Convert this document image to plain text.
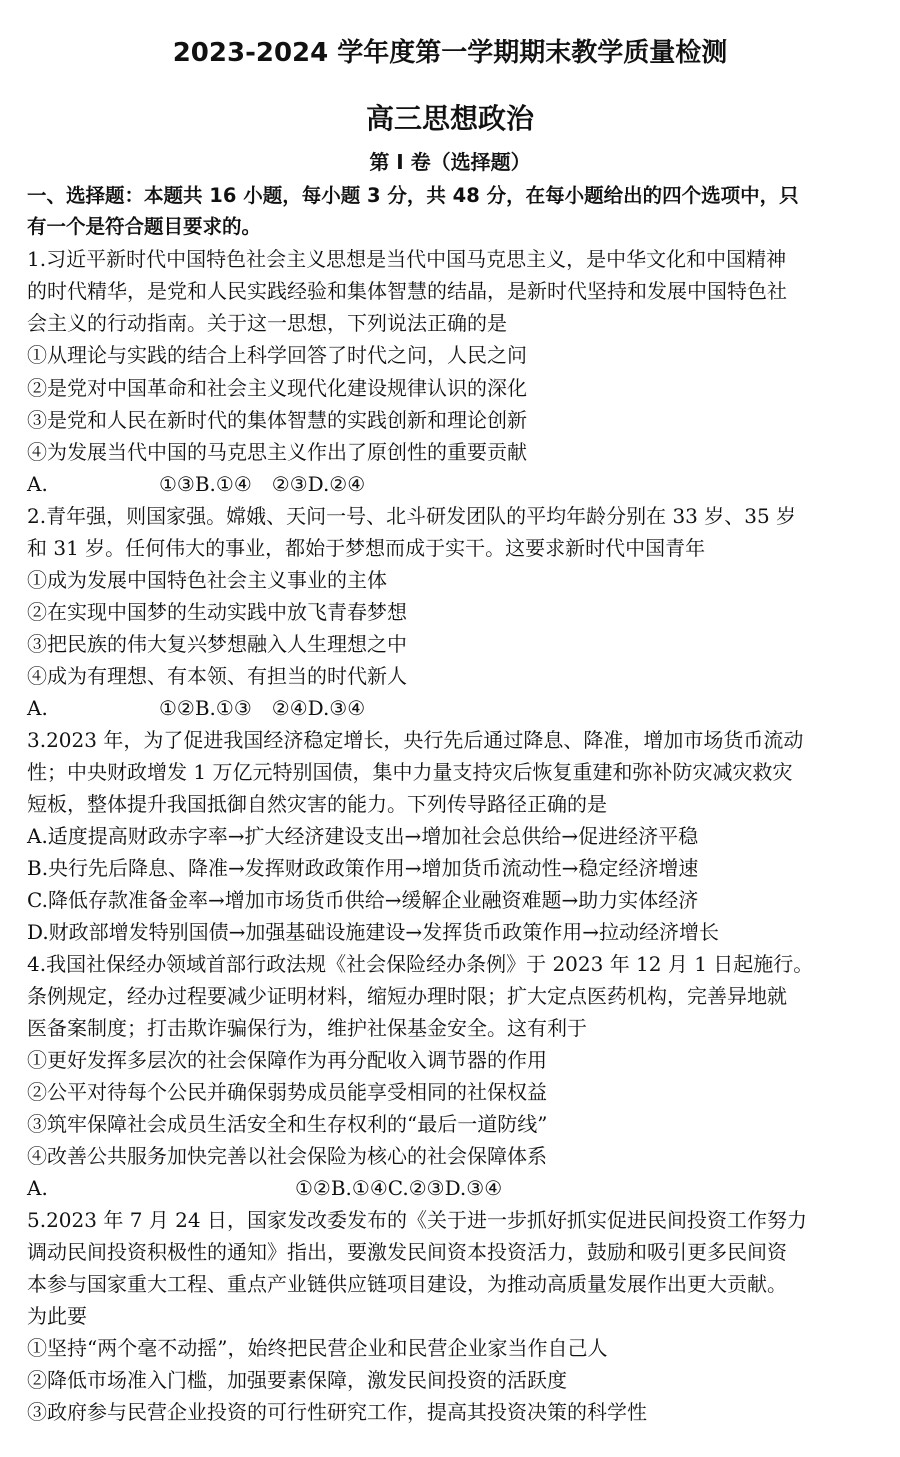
2023-2024 学年度第一学期期末教学质量检测
高三思想政治
第 I 卷（选择题）
一、选择题：本题共 16 小题，每小题 3 分，共 48 分，在每小题给出的四个选项中，只
有一个是符合题目要求的。
1.习近平新时代中国特色社会主义思想是当代中国马克思主义，是中华文化和中国精神
的时代精华，是党和人民实践经验和集体智慧的结晶，是新时代坚持和发展中国特色社
会主义的行动指南。关于这一思想，下列说法正确的是
①从理论与实践的结合上科学回答了时代之问，人民之问
②是党对中国革命和社会主义现代化建设规律认识的深化
③是党和人民在新时代的集体智慧的实践创新和理论创新
④为发展当代中国的马克思主义作出了原创性的重要贡献
A.	①③B.①④　②③D.②④
2.青年强，则国家强。嫦娥、天问一号、北斗研发团队的平均年龄分别在 33 岁、35 岁
和 31 岁。任何伟大的事业，都始于梦想而成于实干。这要求新时代中国青年
①成为发展中国特色社会主义事业的主体
②在实现中国梦的生动实践中放飞青春梦想
③把民族的伟大复兴梦想融入人生理想之中
④成为有理想、有本领、有担当的时代新人
A.	①②B.①③　②④D.③④
3.2023 年，为了促进我国经济稳定增长，央行先后通过降息、降准，增加市场货币流动
性；中央财政增发 1 万亿元特别国债，集中力量支持灾后恢复重建和弥补防灾减灾救灾
短板，整体提升我国抵御自然灾害的能力。下列传导路径正确的是
A.适度提高财政赤字率→扩大经济建设支出→增加社会总供给→促进经济平稳
B.央行先后降息、降准→发挥财政政策作用→增加货币流动性→稳定经济增速
C.降低存款准备金率→增加市场货币供给→缓解企业融资难题→助力实体经济
D.财政部增发特别国债→加强基础设施建设→发挥货币政策作用→拉动经济增长
4.我国社保经办领域首部行政法规《社会保险经办条例》于 2023 年 12 月 1 日起施行。
条例规定，经办过程要减少证明材料，缩短办理时限；扩大定点医药机构，完善异地就
医备案制度；打击欺诈骗保行为，维护社保基金安全。这有利于
①更好发挥多层次的社会保障作为再分配收入调节器的作用
②公平对待每个公民并确保弱势成员能享受相同的社保权益
③筑牢保障社会成员生活安全和生存权利的“最后一道防线”
④改善公共服务加快完善以社会保险为核心的社会保障体系
A.	①②B.①④C.②③D.③④
5.2023 年 7 月 24 日，国家发改委发布的《关于进一步抓好抓实促进民间投资工作努力
调动民间投资积极性的通知》指出，要激发民间资本投资活力，鼓励和吸引更多民间资
本参与国家重大工程、重点产业链供应链项目建设，为推动高质量发展作出更大贡献。
为此要
①坚持“两个毫不动摇”，始终把民营企业和民营企业家当作自己人
②降低市场准入门槛，加强要素保障，激发民间投资的活跃度
③政府参与民营企业投资的可行性研究工作，提高其投资决策的科学性
